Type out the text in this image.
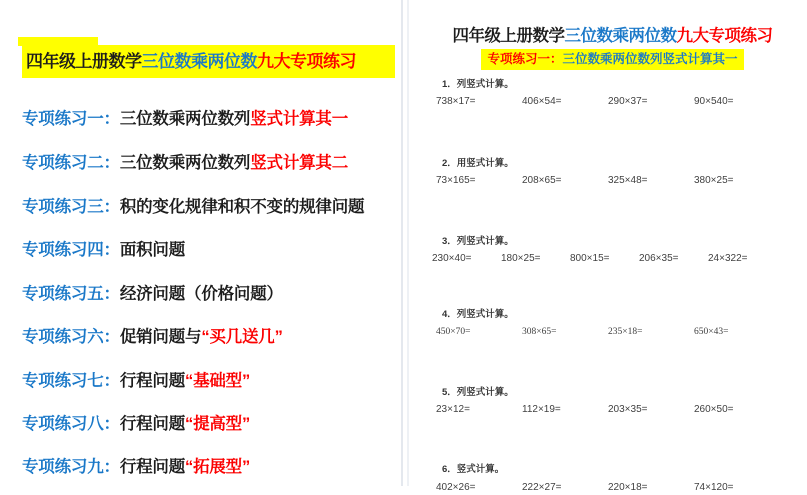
四年级上册数学三位数乘两位数九大专项练习
专项练习一：三位数乘两位数列竖式计算其一
专项练习二：三位数乘两位数列竖式计算其二
专项练习三：积的变化规律和积不变的规律问题
专项练习四：面积问题
专项练习五：经济问题（价格问题）
专项练习六：促销问题与“买几送几”
专项练习七：行程问题“基础型”
专项练习八：行程问题“提高型”
专项练习九：行程问题“拓展型”
四年级上册数学三位数乘两位数九大专项练习
专项练习一：三位数乘两位数列竖式计算其一
1．列竖式计算。
738×17=	406×54=	290×37=	90×540=
2．用竖式计算。
73×165=	208×65=	325×48=	380×25=
3．列竖式计算。
230×40=	180×25=	800×15=	206×35=	24×322=
4．列竖式计算。
450×70=	308×65=	235×18=	650×43=
5．列竖式计算。
23×12=	112×19=	203×35=	260×50=
6．竖式计算。
402×26=	222×27=	220×18=	74×120=
